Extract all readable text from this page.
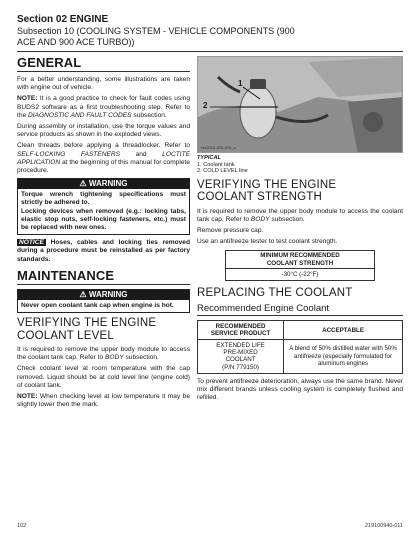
Section 02 ENGINE
Subsection 10 (COOLING SYSTEM - VEHICLE COMPONENTS (900
ACE AND 900 ACE TURBO))
GENERAL

For a better understanding, some illustrations are taken with engine out of vehicle.

NOTE: It is a good practice to check for fault codes using BUDS2 software as a first troubleshooting step. Refer to the DIAGNOSTIC AND FAULT CODES subsection.

During assembly or installation, use the torque values and service products as shown in the exploded views.

Clean threads before applying a threadlocker. Refer to SELF-LOCKING FASTENERS and LOCTITE APPLICATION at the beginning of this manual for complete procedure.

⚠ WARNING
Torque wrench tightening specifications must strictly be adhered to.
Locking devices when removed (e.g.: locking tabs, elastic stop nuts, self-locking fasteners, etc.) must be replaced with new ones.

NOTICE Hoses, cables and locking ties removed during a procedure must be reinstalled as per factory standards.

MAINTENANCE
⚠ WARNING
Never open coolant tank cap when engine is hot.
VERIFYING THE ENGINE
COOLANT LEVEL

It is required to remove the upper body module to access the coolant tank cap. Refer to BODY subsection.

Check coolant level at room temperature with the cap removed. Liquid should be at cold level line (engine cold) of coolant tank.

NOTE: When checking level at low temperature it may be slightly lower then the mark.

1
2
rvs2016-005-010_a
TYPICAL
1. Coolant tank
2. COLD LEVEL line
VERIFYING THE ENGINE
COOLANT STRENGTH

It is required to remove the upper body module to access the coolant tank cap. Refer to BODY subsection.

Remove pressure cap.

Use an antifreeze tester to test coolant strength.

MINIMUM RECOMMENDED
COOLANT STRENGTH
-30°C (-22°F)
REPLACING THE COOLANT
Recommended Engine Coolant
RECOMMENDED
SERVICE PRODUCT	ACCEPTABLE
EXTENDED LIFE
PRE-MIXED
COOLANT
(P/N 779150)	A blend of 50% distilled water with 50% antifreeze (especially formulated for aluminum engines

To prevent antifreeze deterioration, always use the same brand. Never mix different brands unless cooling system is completely flushed and refilled.

102	219100940-011
